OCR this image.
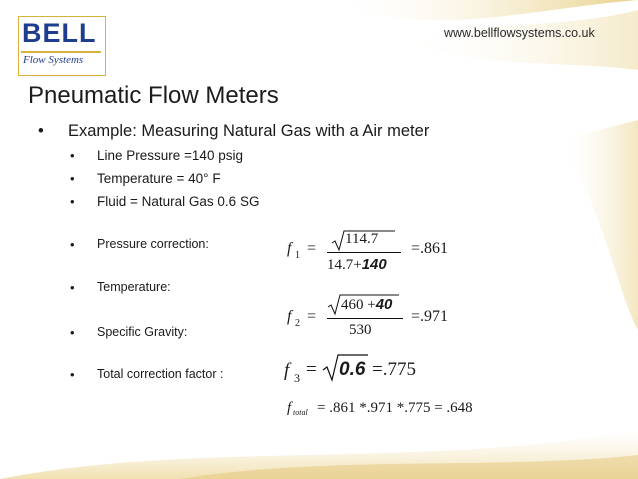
BELL
Flow Systems
www.bellflowsystems.co.uk
Pneumatic Flow Meters
• Example: Measuring Natural Gas with a Air meter
• Line Pressure =140 psig
• Temperature = 40° F
• Fluid = Natural Gas 0.6 SG
• Pressure correction:
• Temperature:
• Specific Gravity:
• Total correction factor :
f 1 =
114.7
14.7+140
=.861
f 2 =
460 +40
530
=.971
f 3 = 0.6 =.775
f total = .861 *.971 *.775 = .648
